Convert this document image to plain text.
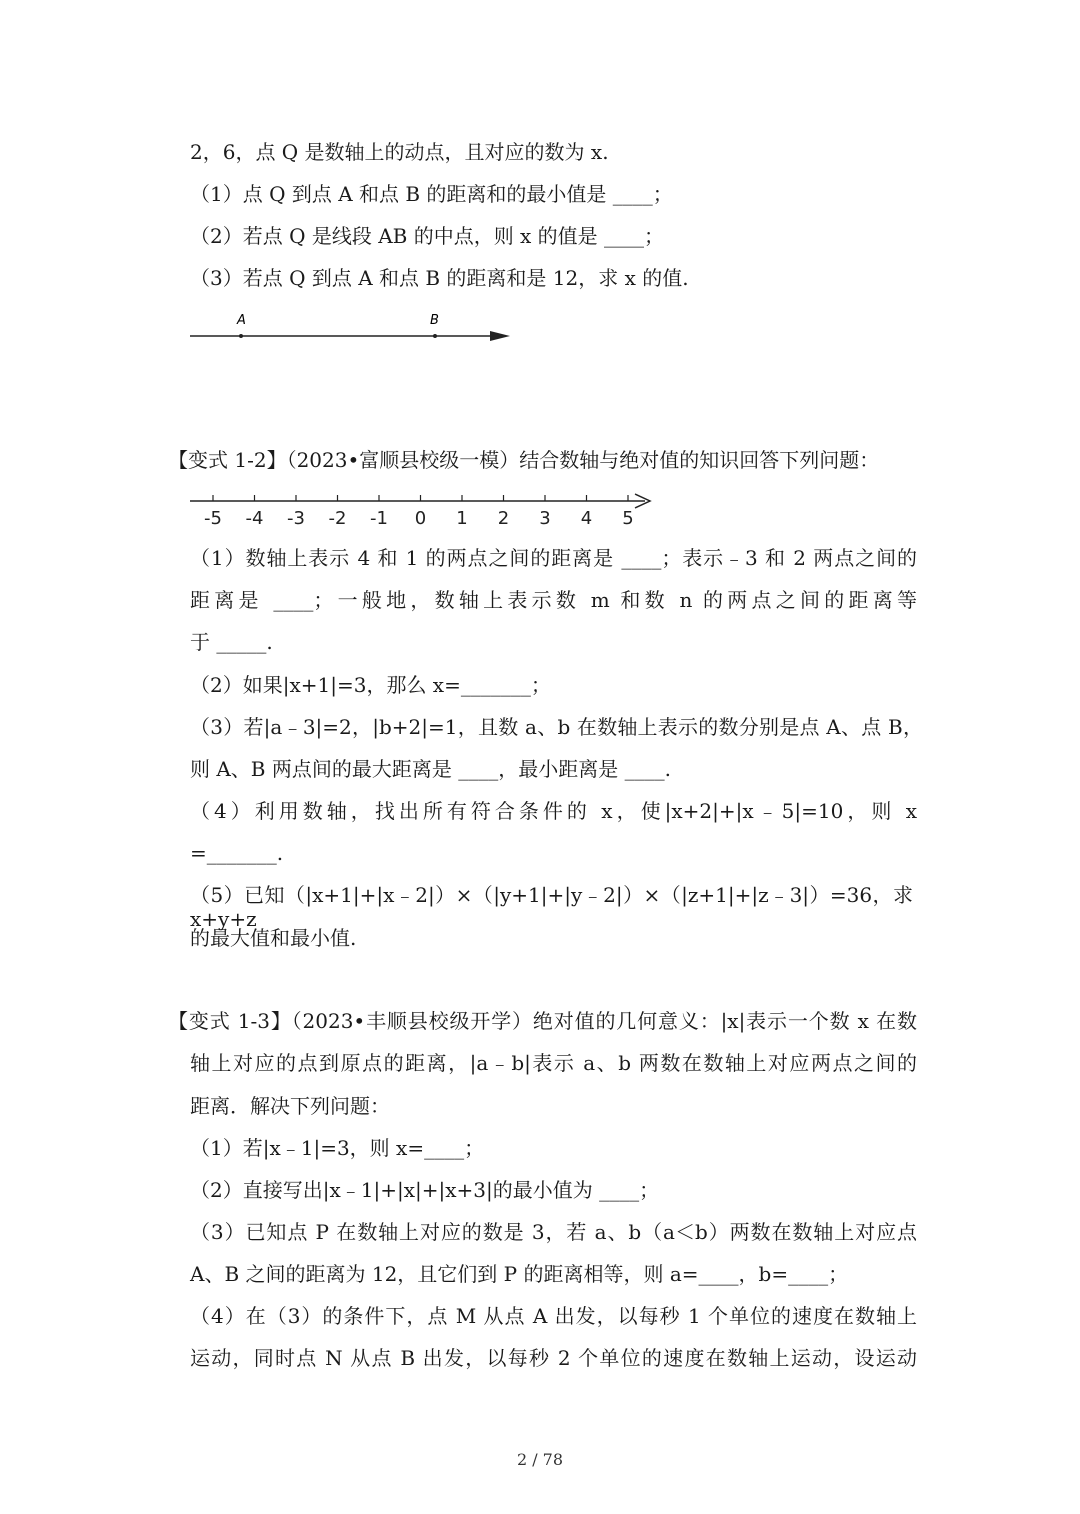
2，6，点 Q 是数轴上的动点，且对应的数为 x.
（1）点 Q 到点 A 和点 B 的距离和的最小值是 ____；
（2）若点 Q 是线段 AB 的中点，则 x 的值是 ____；
（3）若点 Q 到点 A 和点 B 的距离和是 12，求 x 的值.
A	B
【变式 1-2】（2023•富顺县校级一模）结合数轴与绝对值的知识回答下列问题：
-5 -4 -3 -2 -1 0 1 2 3 4 5
（1）数轴上表示 4 和 1 的两点之间的距离是 ____；表示﹣3 和 2 两点之间的
距离是 ____；一般地，数轴上表示数 m 和数 n 的两点之间的距离等
于 _____.
（2）如果|x+1|=3，那么 x=_______；
（3）若|a﹣3|=2，|b+2|=1，且数 a、b 在数轴上表示的数分别是点 A、点 B，
则 A、B 两点间的最大距离是 ____，最小距离是 ____.
（4）利用数轴，找出所有符合条件的 x，使|x+2|+|x﹣5|=10，则 x
=_______.
（5）已知（|x+1|+|x﹣2|）×（|y+1|+|y﹣2|）×（|z+1|+|z﹣3|）=36，求 x+y+z
的最大值和最小值.
【变式 1-3】（2023•丰顺县校级开学）绝对值的几何意义：|x|表示一个数 x 在数
轴上对应的点到原点的距离，|a﹣b|表示 a、b 两数在数轴上对应两点之间的
距离．解决下列问题：
（1）若|x﹣1|=3，则 x=____；
（2）直接写出|x﹣1|+|x|+|x+3|的最小值为 ____；
（3）已知点 P 在数轴上对应的数是 3，若 a、b（a＜b）两数在数轴上对应点
A、B 之间的距离为 12，且它们到 P 的距离相等，则 a=____，b=____；
（4）在（3）的条件下，点 M 从点 A 出发，以每秒 1 个单位的速度在数轴上
运动，同时点 N 从点 B 出发，以每秒 2 个单位的速度在数轴上运动，设运动
2 / 78
